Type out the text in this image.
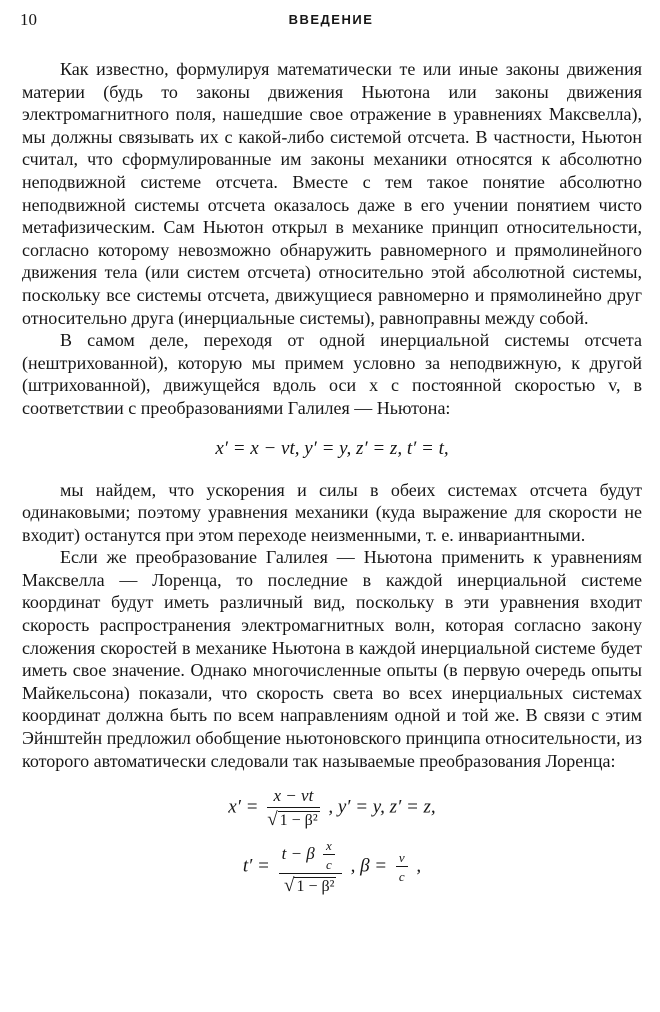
10	ВВЕДЕНИЕ

Как известно, формулируя математически те или иные законы движения материи (будь то законы движения Ньютона или законы движения электромагнитного поля, нашедшие свое отражение в уравнениях Максвелла), мы должны связывать их с какой-либо системой отсчета. В частности, Ньютон считал, что сформулированные им законы механики относятся к абсолютно неподвижной системе отсчета. Вместе с тем такое понятие абсолютно неподвижной системы отсчета оказалось даже в его учении понятием чисто метафизическим. Сам Ньютон открыл в механике принцип относительности, согласно которому невозможно обнаружить равномерного и прямолинейного движения тела (или систем отсчета) относительно этой абсолютной системы, поскольку все системы отсчета, движущиеся равномерно и прямолинейно друг относительно друга (инерциальные системы), равноправны между собой.

В самом деле, переходя от одной инерциальной системы отсчета (нештрихованной), которую мы примем условно за неподвижную, к другой (штрихованной), движущейся вдоль оси x с постоянной скоростью v, в соответствии с преобразованиями Галилея — Ньютона:

x′ = x − vt, y′ = y, z′ = z, t′ = t,

мы найдем, что ускорения и силы в обеих системах отсчета будут одинаковыми; поэтому уравнения механики (куда выражение для скорости не входит) останутся при этом переходе неизменными, т. е. инвариантными.

Если же преобразование Галилея — Ньютона применить к уравнениям Максвелла — Лоренца, то последние в каждой инерциальной системе координат будут иметь различный вид, поскольку в эти уравнения входит скорость распространения электромагнитных волн, которая согласно закону сложения скоростей в механике Ньютона в каждой инерциальной системе будет иметь свое значение. Однако многочисленные опыты (в первую очередь опыты Майкельсона) показали, что скорость света во всех инерциальных системах координат должна быть по всем направлениям одной и той же. В связи с этим Эйнштейн предложил обобщение ньютоновского принципа относительности, из которого автоматически следовали так называемые преобразования Лоренца:

$x' = \frac{x - vt}{\text{√ 1 − β²}}$ , y′ = y, z′ = z,
$t' = \frac{t - \beta \frac{x}{c}}{\text{√ 1 − β²}}$ , $\beta = \frac{v}{c}$ ,
